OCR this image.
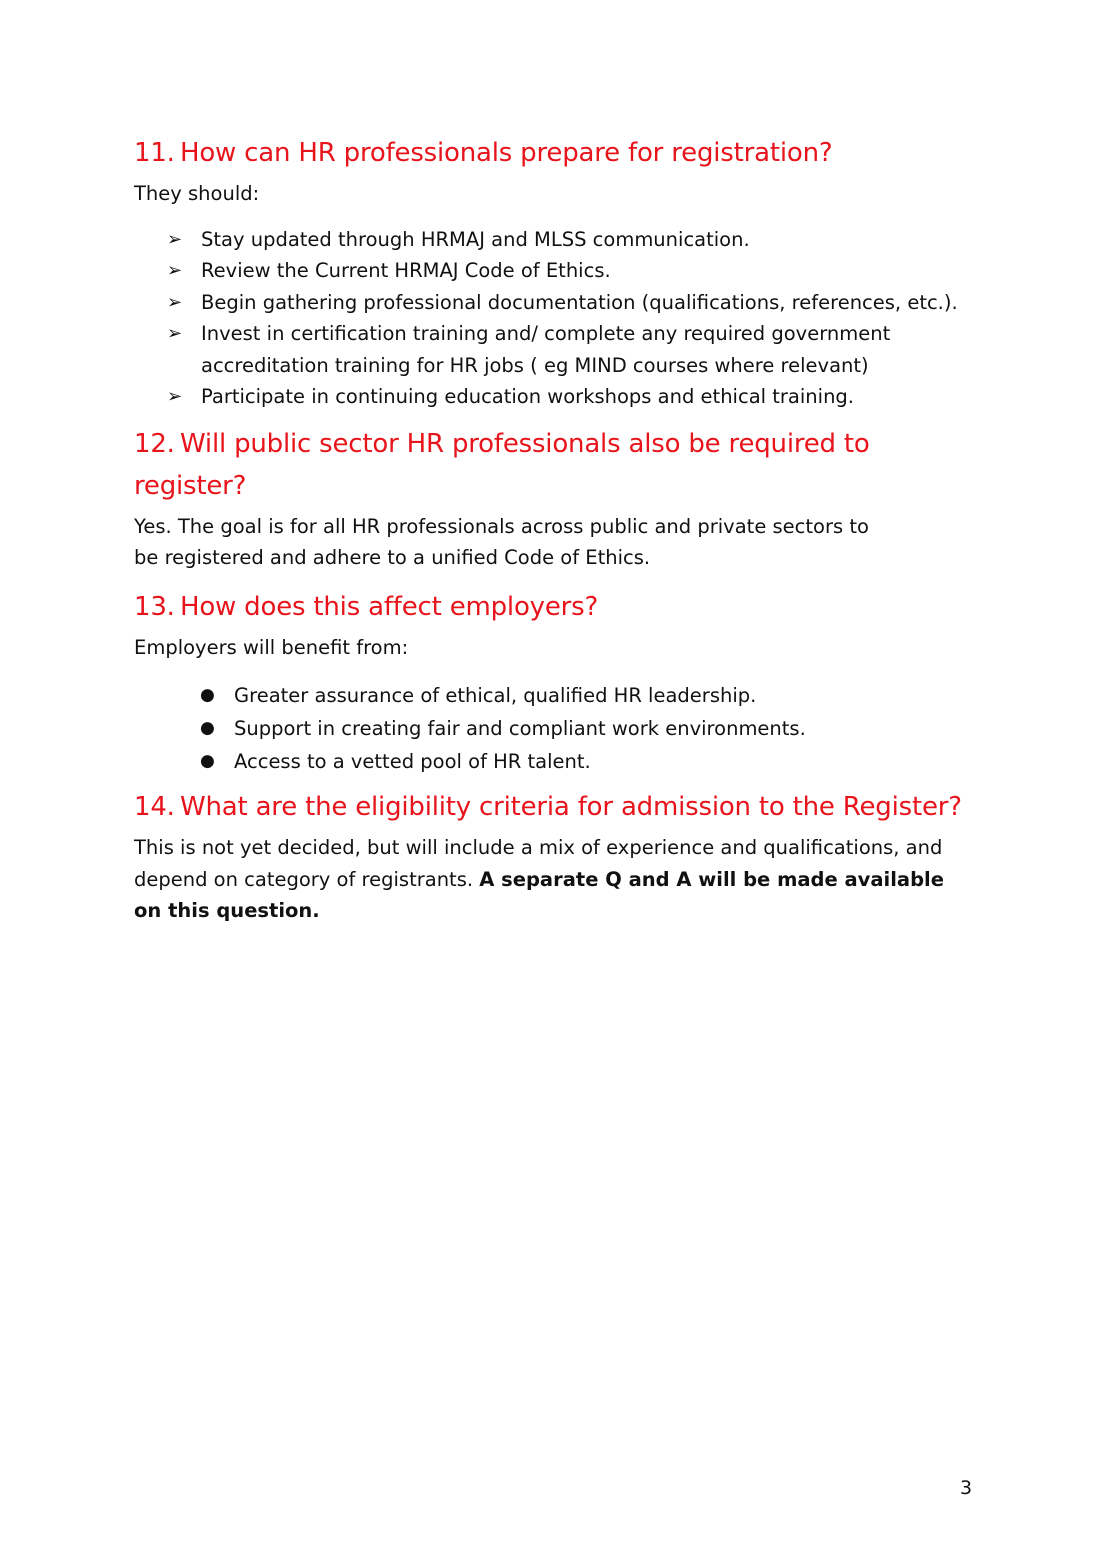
11. How can HR professionals prepare for registration?

They should:

➢ Stay updated through HRMAJ and MLSS communication.
➢ Review the Current HRMAJ Code of Ethics.
➢ Begin gathering professional documentation (qualifications, references, etc.).
➢ Invest in certification training and/ complete any required government accreditation training for HR jobs ( eg MIND courses where relevant)
➢ Participate in continuing education workshops and ethical training.
12. Will public sector HR professionals also be required to
register?

Yes. The goal is for all HR professionals across public and private sectors to be registered and adhere to a unified Code of Ethics.

13. How does this affect employers?

Employers will benefit from:

● Greater assurance of ethical, qualified HR leadership.
● Support in creating fair and compliant work environments.
● Access to a vetted pool of HR talent.
14. What are the eligibility criteria for admission to the Register?

This is not yet decided, but will include a mix of experience and qualifications, and depend on category of registrants. A separate Q and A will be made available on this question.

3
